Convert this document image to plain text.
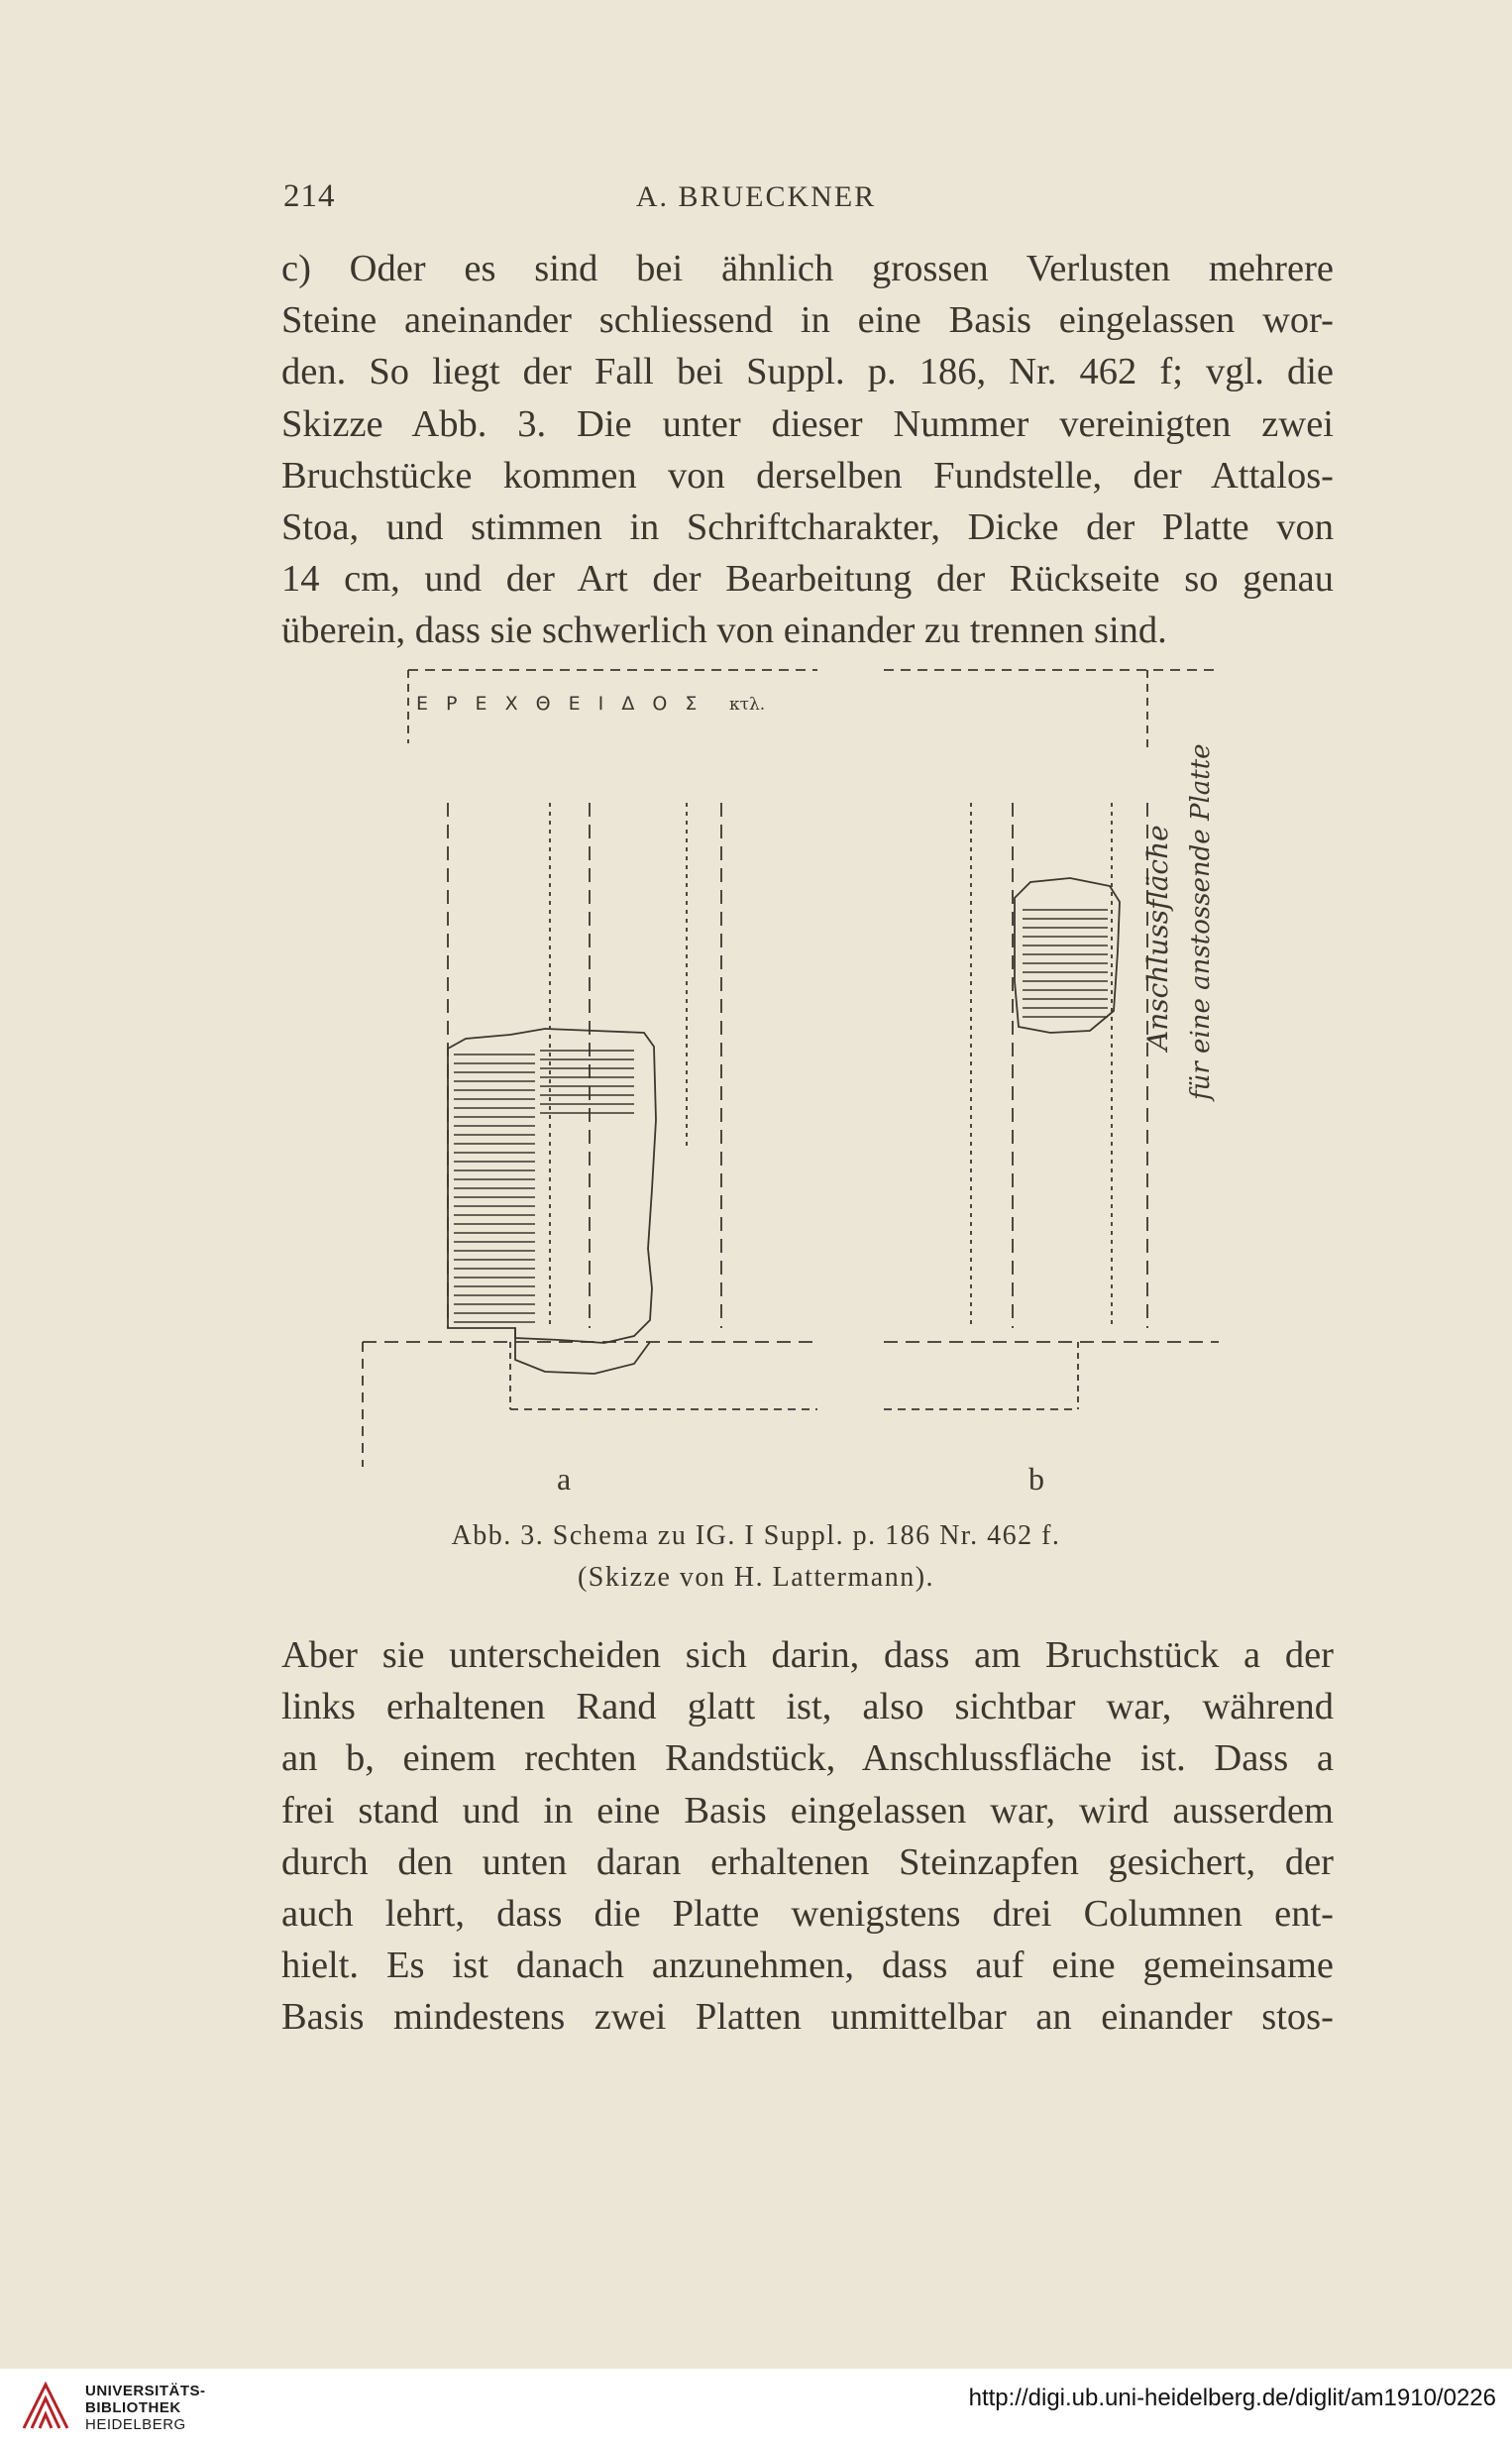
214	A. BRUECKNER
c) Oder es sind bei ähnlich grossen Verlusten mehrere
Steine aneinander schliessend in eine Basis eingelassen wor-
den. So liegt der Fall bei Suppl. p. 186, Nr. 462 f; vgl. die
Skizze Abb. 3. Die unter dieser Nummer vereinigten zwei
Bruchstücke kommen von derselben Fundstelle, der Attalos-
Stoa, und stimmen in Schriftcharakter, Dicke der Platte von
14 cm, und der Art der Bearbeitung der Rückseite so genau
überein, dass sie schwerlich von einander zu trennen sind.
Ε Ρ Ε Χ Θ Ε Ι Δ Ο Σ κτλ.
Anschlussfläche für eine anstossende Platte
a	b
Abb. 3. Schema zu IG. I Suppl. p. 186 Nr. 462 f.
(Skizze von H. Lattermann).
Aber sie unterscheiden sich darin, dass am Bruchstück a der
links erhaltenen Rand glatt ist, also sichtbar war, während
an b, einem rechten Randstück, Anschlussfläche ist. Dass a
frei stand und in eine Basis eingelassen war, wird ausserdem
durch den unten daran erhaltenen Steinzapfen gesichert, der
auch lehrt, dass die Platte wenigstens drei Columnen ent-
hielt. Es ist danach anzunehmen, dass auf eine gemeinsame
Basis mindestens zwei Platten unmittelbar an einander stos-
UNIVERSITÄTS-
BIBLIOTHEK
HEIDELBERG
http://digi.ub.uni-heidelberg.de/diglit/am1910/0226
